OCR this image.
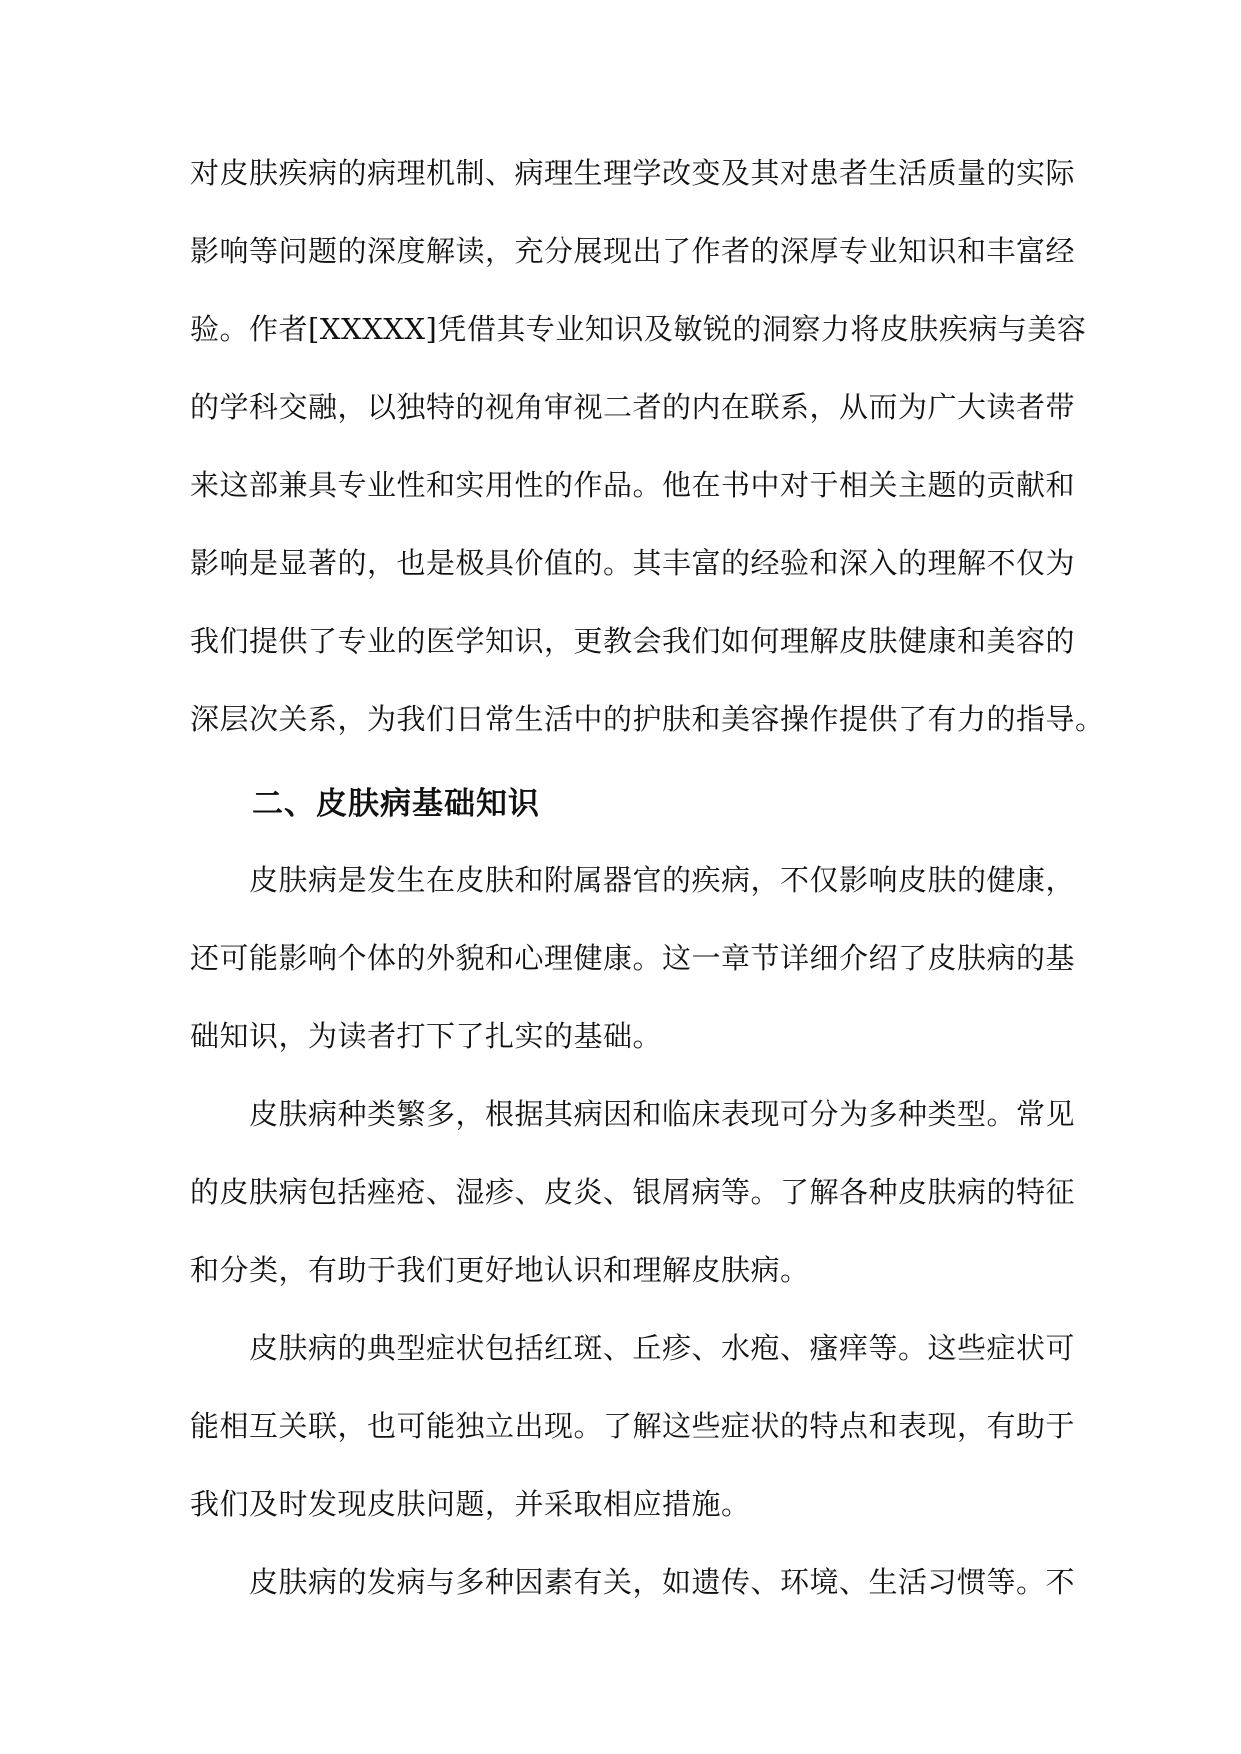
对皮肤疾病的病理机制、病理生理学改变及其对患者生活质量的实际
影响等问题的深度解读，充分展现出了作者的深厚专业知识和丰富经
验。作者[XXXXX]凭借其专业知识及敏锐的洞察力将皮肤疾病与美容
的学科交融，以独特的视角审视二者的内在联系，从而为广大读者带
来这部兼具专业性和实用性的作品。他在书中对于相关主题的贡献和
影响是显著的，也是极具价值的。其丰富的经验和深入的理解不仅为
我们提供了专业的医学知识，更教会我们如何理解皮肤健康和美容的
深层次关系，为我们日常生活中的护肤和美容操作提供了有力的指导。
二、皮肤病基础知识
　　皮肤病是发生在皮肤和附属器官的疾病，不仅影响皮肤的健康，
还可能影响个体的外貌和心理健康。这一章节详细介绍了皮肤病的基
础知识，为读者打下了扎实的基础。
　　皮肤病种类繁多，根据其病因和临床表现可分为多种类型。常见
的皮肤病包括痤疮、湿疹、皮炎、银屑病等。了解各种皮肤病的特征
和分类，有助于我们更好地认识和理解皮肤病。
　　皮肤病的典型症状包括红斑、丘疹、水疱、瘙痒等。这些症状可
能相互关联，也可能独立出现。了解这些症状的特点和表现，有助于
我们及时发现皮肤问题，并采取相应措施。
　　皮肤病的发病与多种因素有关，如遗传、环境、生活习惯等。不
